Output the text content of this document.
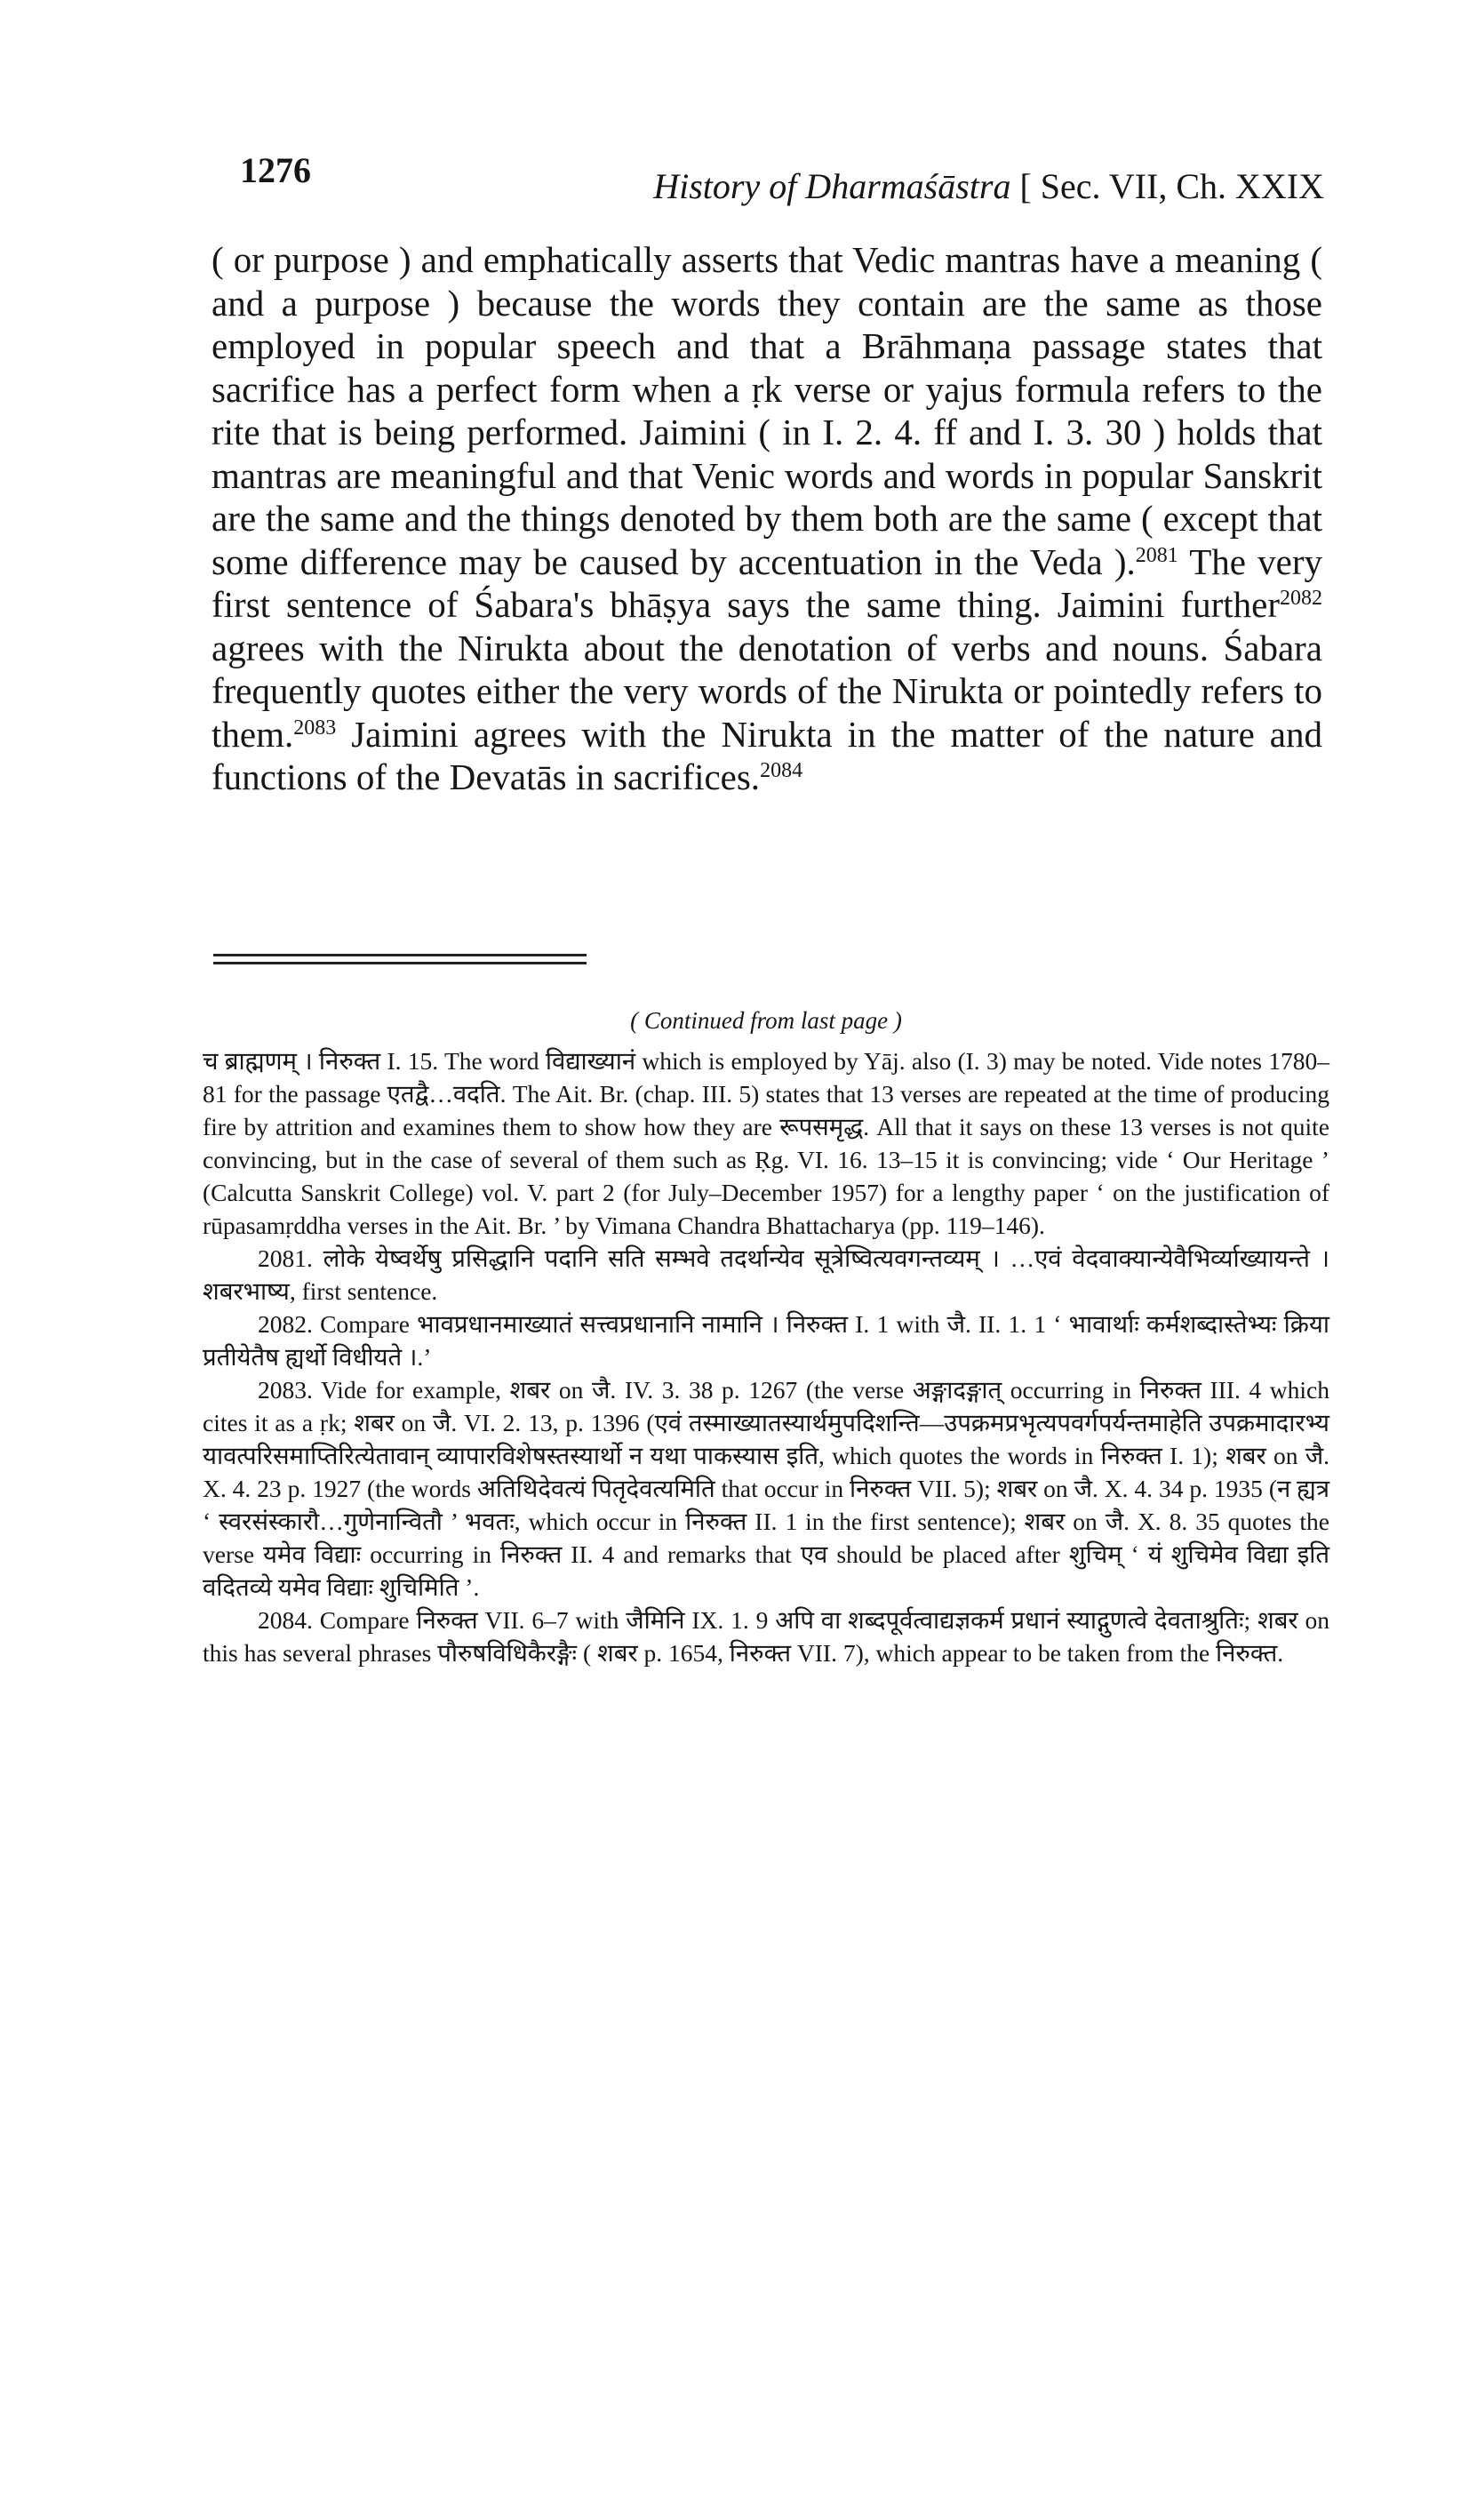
1276	History of Dharmaśāstra [ Sec. VII, Ch. XXIX

( or purpose ) and emphatically asserts that Vedic mantras have a meaning ( and a purpose ) because the words they contain are the same as those employed in popular speech and that a Brāhmaṇa passage states that sacrifice has a perfect form when a ṛk verse or yajus formula refers to the rite that is being performed. Jaimini ( in I. 2. 4. ff and I. 3. 30 ) holds that mantras are meaningful and that Venic words and words in popular Sanskrit are the same and the things denoted by them both are the same ( except that some difference may be caused by accentuation in the Veda ).$^{2081}$ The very first sentence of Śabara's bhāṣya says the same thing. Jaimini further$^{2082}$ agrees with the Nirukta about the denotation of verbs and nouns. Śabara frequently quotes either the very words of the Nirukta or pointedly refers to them.$^{2083}$ Jaimini agrees with the Nirukta in the matter of the nature and functions of the Devatās in sacrifices.$^{2084}$

( Continued from last page )

च ब्राह्मणम् । निरुक्त I. 15. The word विद्याख्यानं which is employed by Yāj. also (I. 3) may be noted. Vide notes 1780–81 for the passage एतद्वै…वदति. The Ait. Br. (chap. III. 5) states that 13 verses are repeated at the time of producing fire by attrition and examines them to show how they are रूपसमृद्ध. All that it says on these 13 verses is not quite convincing, but in the case of several of them such as Ṛg. VI. 16. 13–15 it is convincing; vide ‘ Our Heritage ’ (Calcutta Sanskrit College) vol. V. part 2 (for July–December 1957) for a lengthy paper ‘ on the justification of rūpasamṛddha verses in the Ait. Br. ’ by Vimana Chandra Bhattacharya (pp. 119–146).

2081. लोके येष्वर्थेषु प्रसिद्धानि पदानि सति सम्भवे तदर्थान्येव सूत्रेष्वित्यवगन्तव्यम् । …एवं वेदवाक्यान्येवैभिर्व्याख्यायन्ते । शबरभाष्य, first sentence.

2082. Compare भावप्रधानमाख्यातं सत्त्वप्रधानानि नामानि । निरुक्त I. 1 with जै. II. 1. 1 ‘ भावार्थाः कर्मशब्दास्तेभ्यः क्रिया प्रतीयेतैष ह्यर्थो विधीयते ।.’

2083. Vide for example, शबर on जै. IV. 3. 38 p. 1267 (the verse अङ्गादङ्गात् occurring in निरुक्त III. 4 which cites it as a ṛk; शबर on जै. VI. 2. 13, p. 1396 (एवं तस्माख्यातस्यार्थमुपदिशन्ति—उपक्रमप्रभृत्यपवर्गपर्यन्तमाहेति उपक्रमादारभ्य यावत्परिसमाप्तिरित्येतावान् व्यापारविशेषस्तस्यार्थो न यथा पाकस्यास इति, which quotes the words in निरुक्त I. 1); शबर on जै. X. 4. 23 p. 1927 (the words अतिथिदेवत्यं पितृदेवत्यमिति that occur in निरुक्त VII. 5); शबर on जै. X. 4. 34 p. 1935 (न ह्यत्र ‘ स्वरसंस्कारौ…गुणेनान्वितौ ’ भवतः, which occur in निरुक्त II. 1 in the first sentence); शबर on जै. X. 8. 35 quotes the verse यमेव विद्याः occurring in निरुक्त II. 4 and remarks that एव should be placed after शुचिम् ‘ यं शुचिमेव विद्या इति वदितव्ये यमेव विद्याः शुचिमिति ’.

2084. Compare निरुक्त VII. 6–7 with जैमिनि IX. 1. 9 अपि वा शब्दपूर्वत्वाद्यज्ञकर्म प्रधानं स्याद्गुणत्वे देवताश्रुतिः; शबर on this has several phrases पौरुषविधिकैरङ्गैः ( शबर p. 1654, निरुक्त VII. 7), which appear to be taken from the निरुक्त.
